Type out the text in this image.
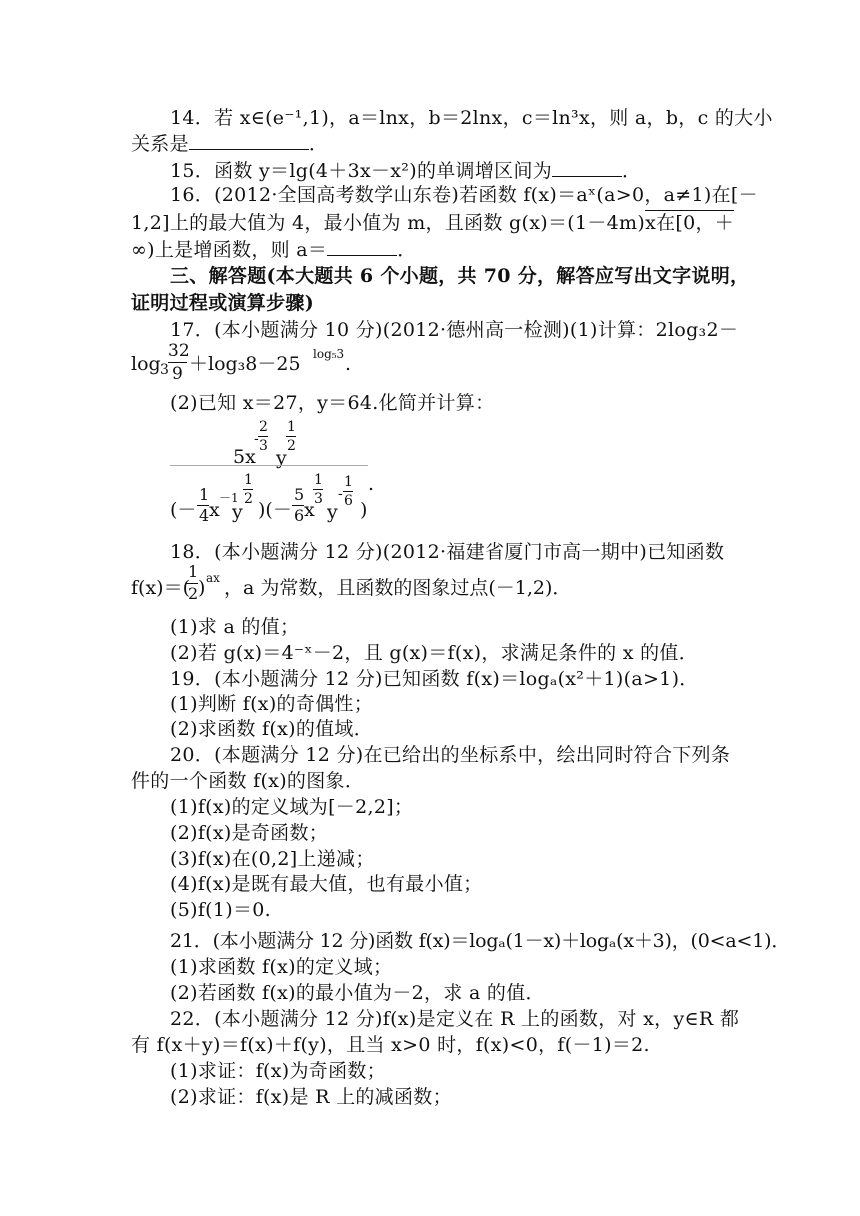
14．若 x∈(e⁻¹,1)，a＝lnx，b＝2lnx，c＝ln³x，则 a，b，c 的大小
关系是	．
15．函数 y＝lg(4＋3x－x²)的单调增区间为	．
16．(2012·全国高考数学山东卷)若函数 f(x)＝aˣ(a>0，a≠1)在[－
1,2]上的最大值为 4，最小值为 m，且函数 g(x)＝(1－4m)x在[0，＋
∞)上是增函数，则 a＝	．
三、解答题(本大题共 6 个小题，共 70 分，解答应写出文字说明，
证明过程或演算步骤)
17．(本小题满分 10 分)(2012·德州高一检测)(1)计算：2log₃2－
log 3
32
9 ＋log₃8－25 log₅3 .
(2)已知 x＝27，y＝64.化简并计算：
5x
-
2
3
y
1
2
(－
1
4 x
－1
y
1
2 )(－
5
6 x
1
3
y
-
1
6 )
.
18．(本小题满分 12 分)(2012·福建省厦门市高一期中)已知函数
f(x)＝(
1
2 ) ax ，a 为常数，且函数的图象过点(－1,2)．
(1)求 a 的值；
(2)若 g(x)＝4⁻ˣ－2，且 g(x)＝f(x)，求满足条件的 x 的值．
19．(本小题满分 12 分)已知函数 f(x)＝logₐ(x²＋1)(a>1)．
(1)判断 f(x)的奇偶性；
(2)求函数 f(x)的值域．
20．(本题满分 12 分)在已给出的坐标系中，绘出同时符合下列条
件的一个函数 f(x)的图象．
(1)f(x)的定义域为[－2,2]；
(2)f(x)是奇函数；
(3)f(x)在(0,2]上递减；
(4)f(x)是既有最大值，也有最小值；
(5)f(1)＝0.
21．(本小题满分 12 分)函数 f(x)＝logₐ(1－x)＋logₐ(x＋3)，(0<a<1)．
(1)求函数 f(x)的定义域；
(2)若函数 f(x)的最小值为－2，求 a 的值．
22．(本小题满分 12 分)f(x)是定义在 R 上的函数，对 x，y∈R 都
有 f(x＋y)＝f(x)＋f(y)，且当 x>0 时，f(x)<0，f(－1)＝2.
(1)求证：f(x)为奇函数；
(2)求证：f(x)是 R 上的减函数；
